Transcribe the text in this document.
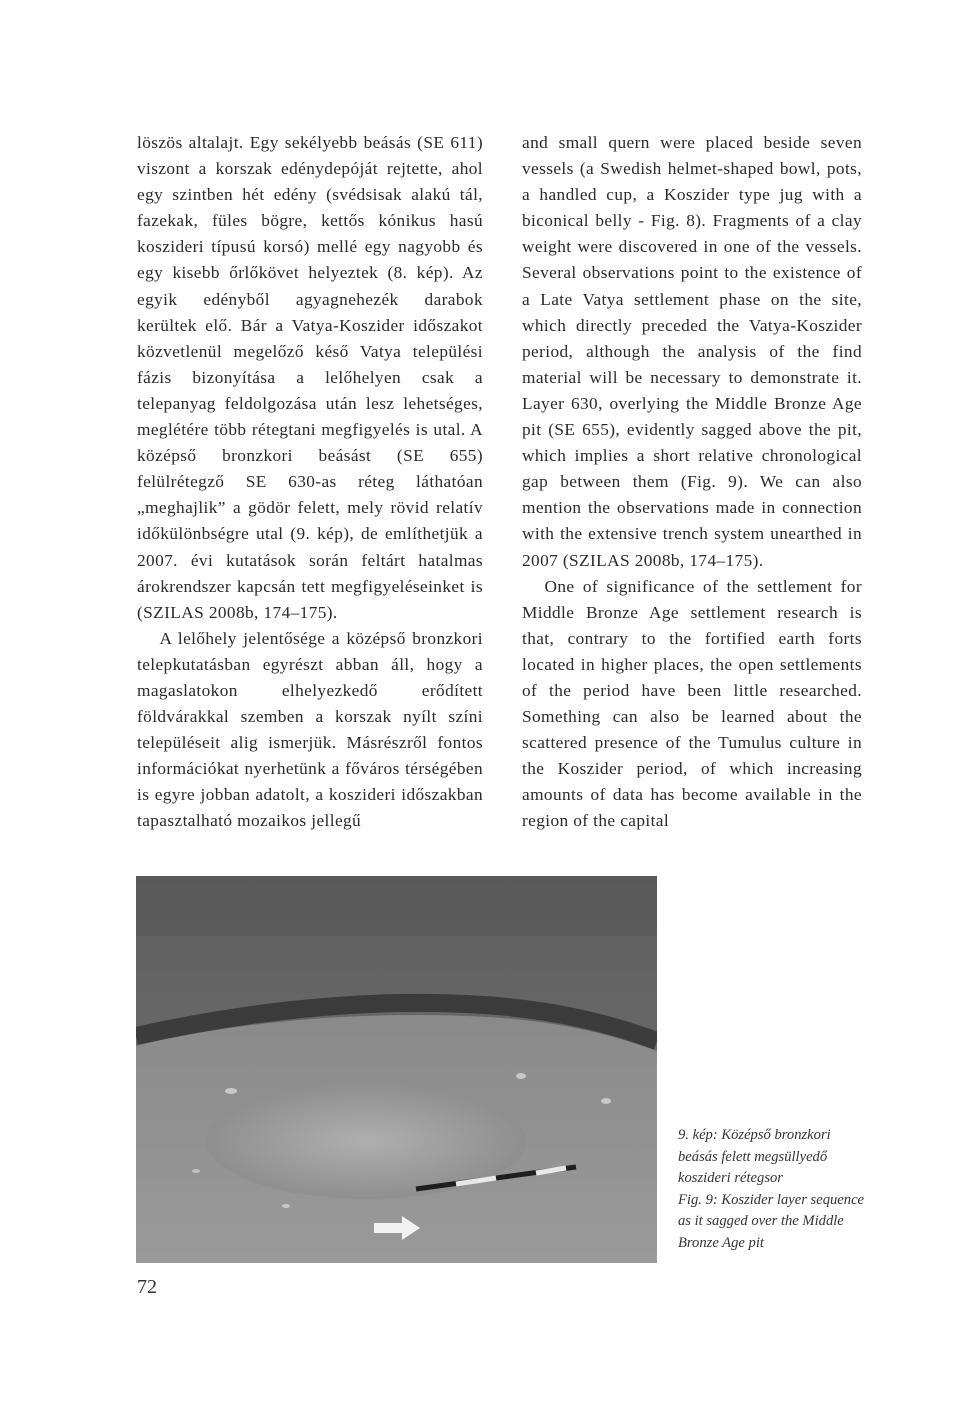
löszös altalajt. Egy sekélyebb beásás (SE 611) viszont a korszak edénydepóját rejtette, ahol egy szintben hét edény (svédsisak alakú tál, fazekak, füles bögre, kettős kónikus hasú koszideri típusú korsó) mellé egy nagyobb és egy kisebb őrlőkövet helyeztek (8. kép). Az egyik edényből agyagnehezék darabok kerültek elő. Bár a Vatya-Koszider időszakot közvetlenül megelőző késő Vatya települési fázis bizonyítása a lelőhelyen csak a telepanyag feldolgozása után lesz lehetséges, meglétére több rétegtani megfigyelés is utal. A középső bronzkori beásást (SE 655) felülrétegző SE 630-as réteg láthatóan „meghajlik” a gödör felett, mely rövid relatív időkülönbségre utal (9. kép), de említhetjük a 2007. évi kutatások során feltárt hatalmas árokrendszer kapcsán tett megfigyeléseinket is (SZILAS 2008b, 174–175).

A lelőhely jelentősége a középső bronzkori telepkutatásban egyrészt abban áll, hogy a magaslatokon elhelyezkedő erődített földvárakkal szemben a korszak nyílt színi településeit alig ismerjük. Másrészről fontos információkat nyerhetünk a főváros térségében is egyre jobban adatolt, a koszideri időszakban tapasztalható mozaikos jellegű

and small quern were placed beside seven vessels (a Swedish helmet-shaped bowl, pots, a handled cup, a Koszider type jug with a biconical belly - Fig. 8). Fragments of a clay weight were discovered in one of the vessels. Several observations point to the existence of a Late Vatya settlement phase on the site, which directly preceded the Vatya-Koszider period, although the analysis of the find material will be necessary to demonstrate it. Layer 630, overlying the Middle Bronze Age pit (SE 655), evidently sagged above the pit, which implies a short relative chronological gap between them (Fig. 9). We can also mention the observations made in connection with the extensive trench system unearthed in 2007 (SZILAS 2008b, 174–175).

One of significance of the settlement for Middle Bronze Age settlement research is that, contrary to the fortified earth forts located in higher places, the open settlements of the period have been little researched. Something can also be learned about the scattered presence of the Tumulus culture in the Koszider period, of which increasing amounts of data has become available in the region of the capital

9. kép: Középső bronzkori
beásás felett megsüllyedő
koszideri rétegsor
Fig. 9: Koszider layer sequence
as it sagged over the Middle
Bronze Age pit
72
